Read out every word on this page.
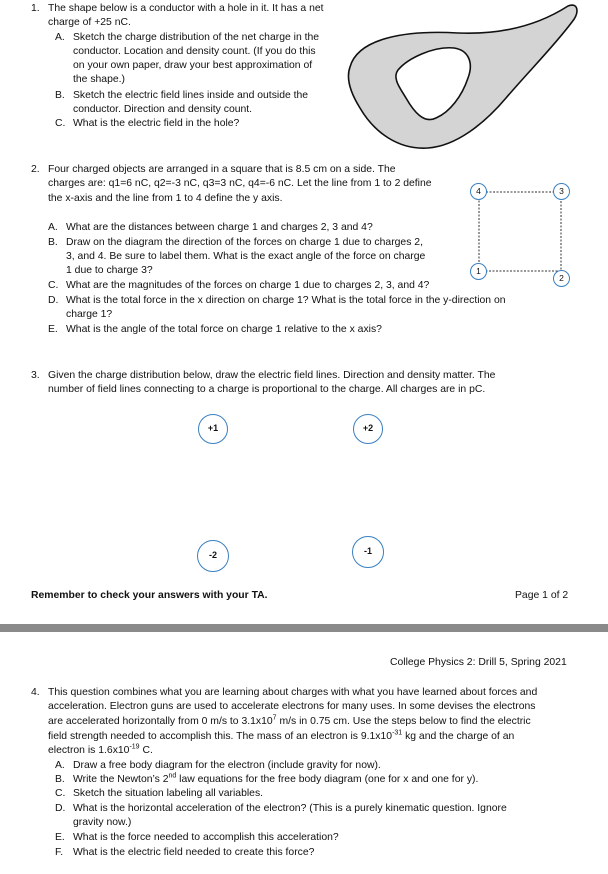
1. The shape below is a conductor with a hole in it. It has a net
charge of +25 nC.
A. Sketch the charge distribution of the net charge in the
conductor. Location and density count. (If you do this
on your own paper, draw your best approximation of
the shape.)
B. Sketch the electric field lines inside and outside the
conductor. Direction and density count.
C. What is the electric field in the hole?
2. Four charged objects are arranged in a square that is 8.5 cm on a side. The
charges are: q1=6 nC, q2=-3 nC, q3=3 nC, q4=-6 nC. Let the line from 1 to 2 define
the x-axis and the line from 1 to 4 define the y axis.
A. What are the distances between charge 1 and charges 2, 3 and 4?
B. Draw on the diagram the direction of the forces on charge 1 due to charges 2,
3, and 4. Be sure to label them. What is the exact angle of the force on charge
1 due to charge 3?
C. What are the magnitudes of the forces on charge 1 due to charges 2, 3, and 4?
D. What is the total force in the x direction on charge 1? What is the total force in the y-direction on
charge 1?
E. What is the angle of the total force on charge 1 relative to the x axis?
4	3
1
2
3. Given the charge distribution below, draw the electric field lines. Direction and density matter. The
number of field lines connecting to a charge is proportional to the charge. All charges are in pC.
+1	+2
-2	-1
Remember to check your answers with your TA.	Page 1 of 2
College Physics 2: Drill 5, Spring 2021
4. This question combines what you are learning about charges with what you have learned about forces and
acceleration. Electron guns are used to accelerate electrons for many uses. In some devises the electrons
are accelerated horizontally from 0 m/s to $3.1x10^7$ m/s in 0.75 cm. Use the steps below to find the electric
field strength needed to accomplish this. The mass of an electron is $9.1x10^{-31}$ kg and the charge of an
electron is $1.6x10^{-19}$ C.
A. Draw a free body diagram for the electron (include gravity for now).
B. Write the Newton’s 2nd law equations for the free body diagram (one for x and one for y).
C. Sketch the situation labeling all variables.
D. What is the horizontal acceleration of the electron? (This is a purely kinematic question. Ignore
gravity now.)
E. What is the force needed to accomplish this acceleration?
F. What is the electric field needed to create this force?
